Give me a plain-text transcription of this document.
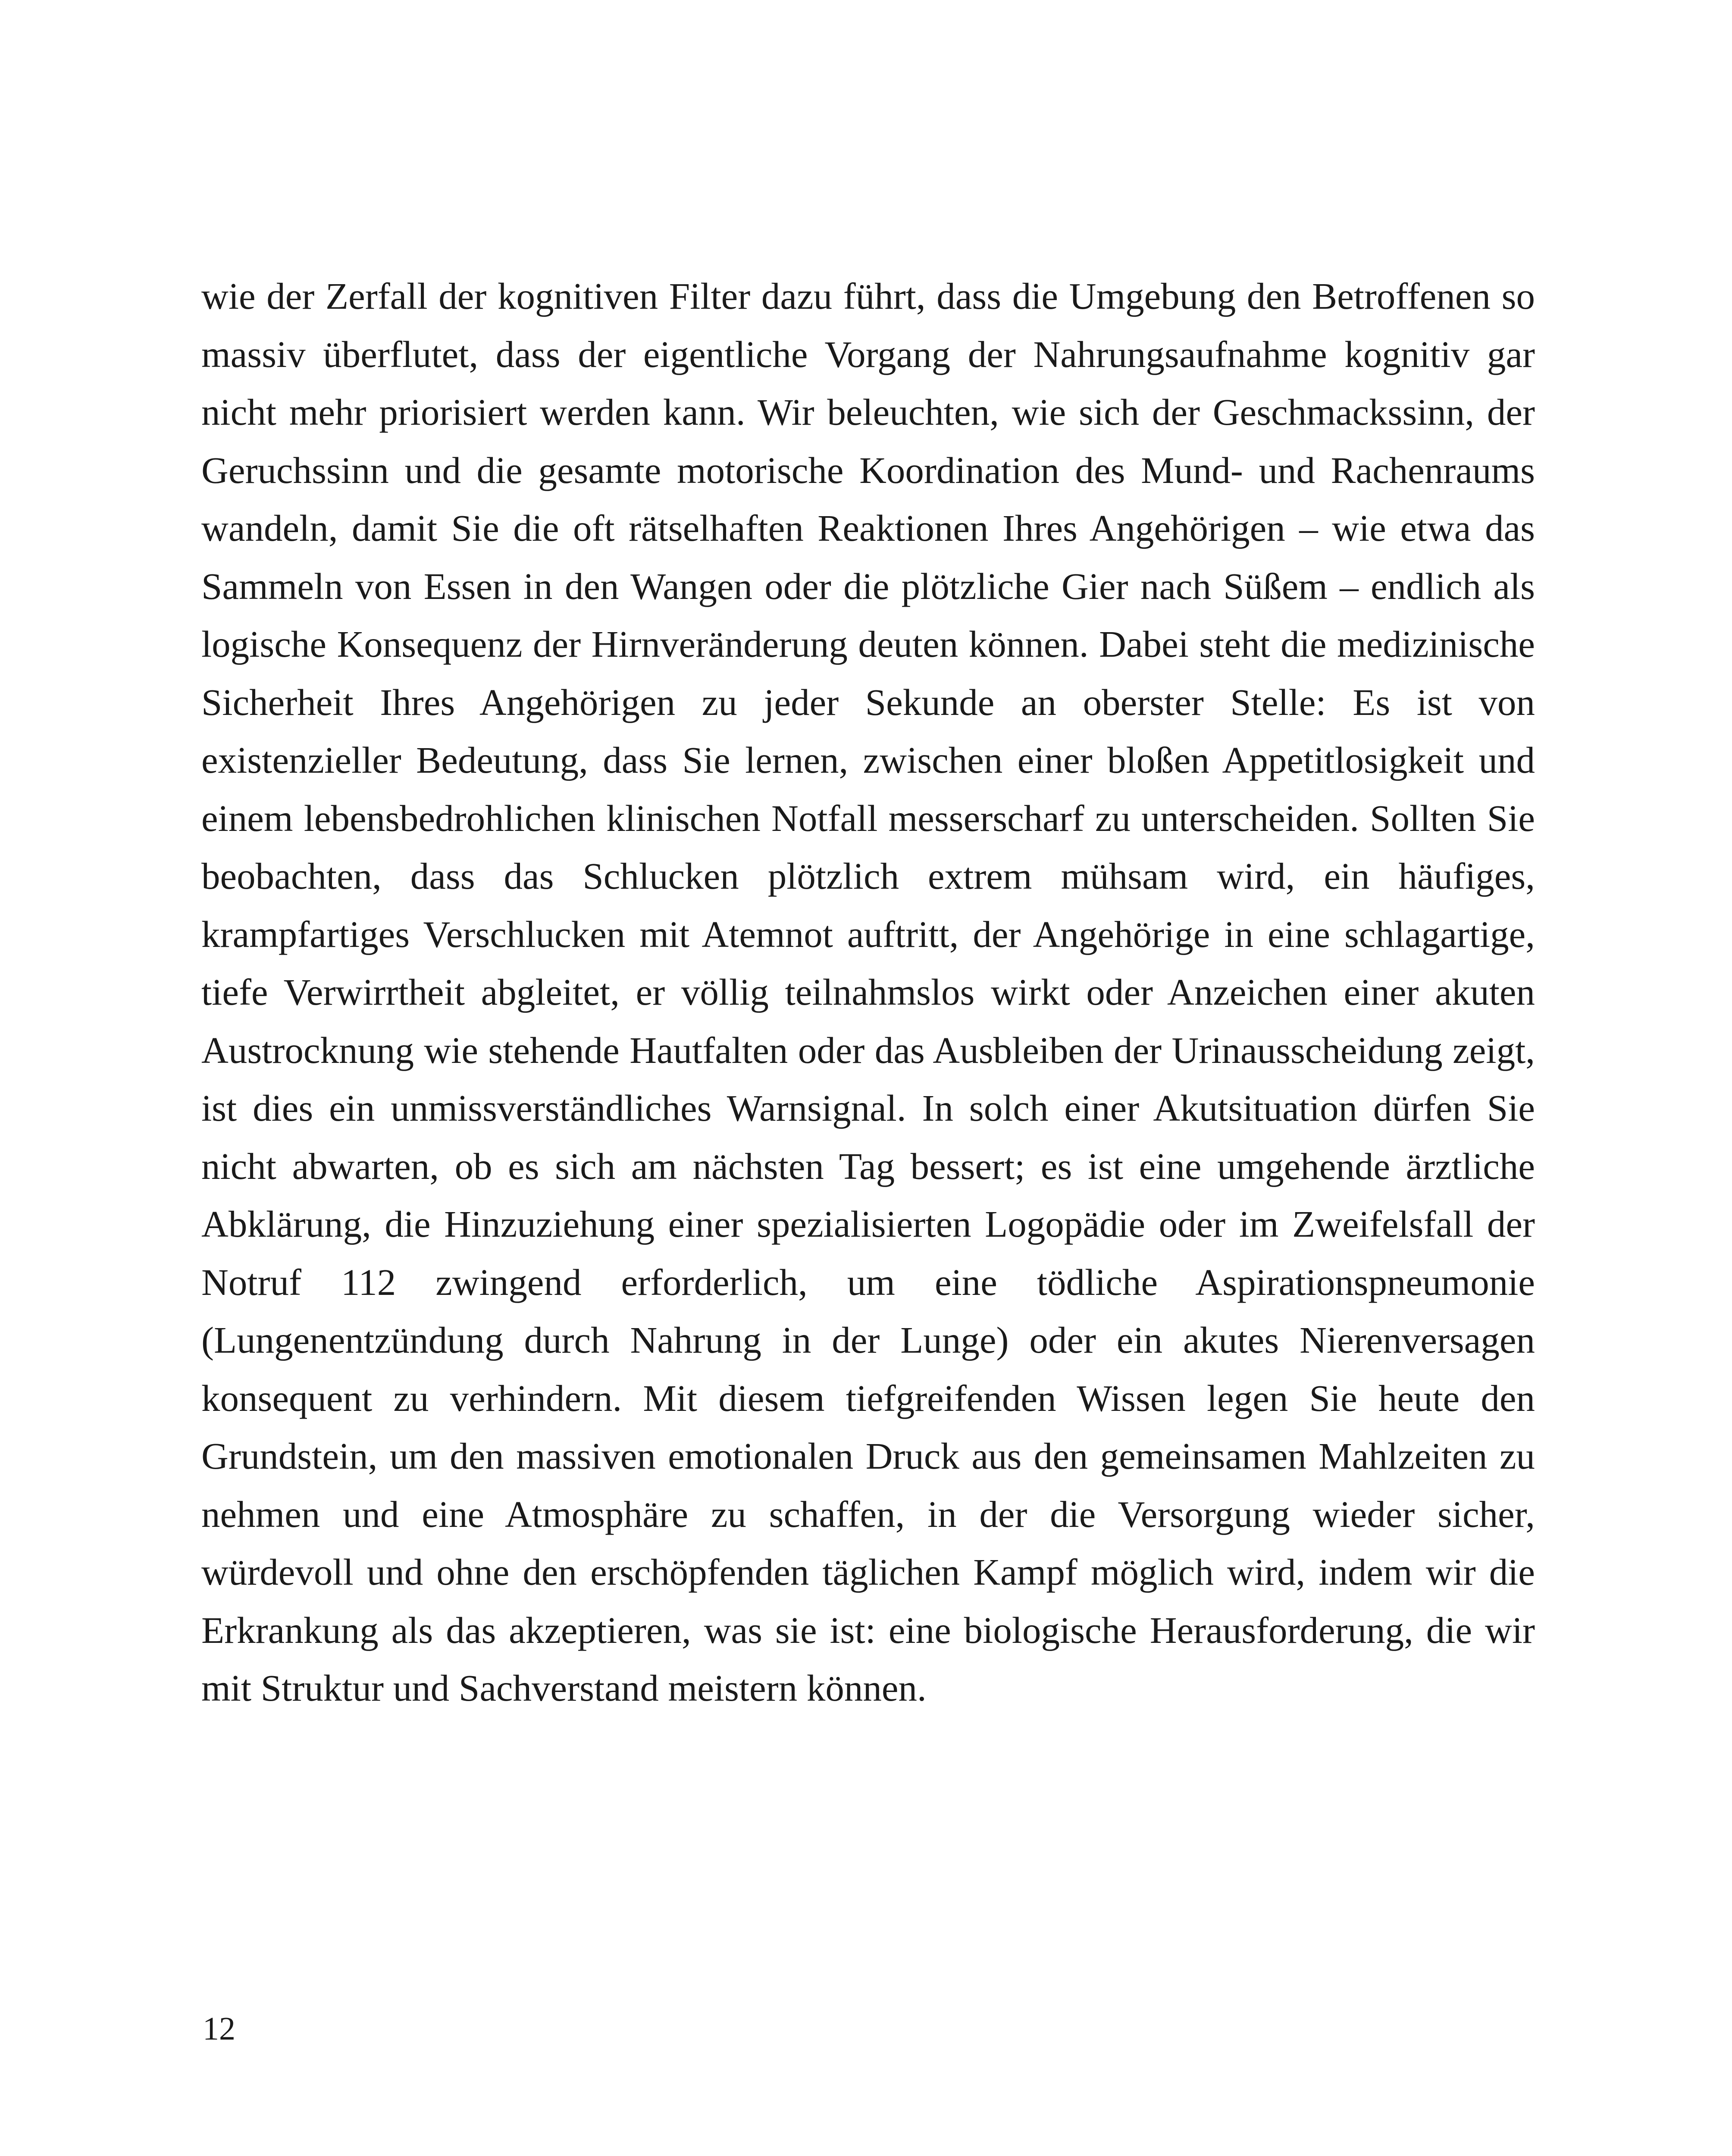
wie der Zerfall der kognitiven Filter dazu führt, dass die Umgebung den Betroffenen so massiv überflutet, dass der eigentliche Vorgang der Nahrungsaufnahme kognitiv gar nicht mehr priorisiert werden kann. Wir beleuchten, wie sich der Geschmackssinn, der Geruchssinn und die gesamte motorische Koordination des Mund- und Rachenraums wandeln, damit Sie die oft rätselhaften Reaktionen Ihres Angehörigen – wie etwa das Sammeln von Essen in den Wangen oder die plötzliche Gier nach Süßem – endlich als logische Konsequenz der Hirnveränderung deuten können. Dabei steht die medizinische Sicherheit Ihres Angehörigen zu jeder Sekunde an oberster Stelle: Es ist von existenzieller Bedeutung, dass Sie lernen, zwischen einer bloßen Appetitlosigkeit und einem lebensbedrohlichen klinischen Notfall messerscharf zu unterscheiden. Sollten Sie beobachten, dass das Schlucken plötzlich extrem mühsam wird, ein häufiges, krampfartiges Verschlucken mit Atemnot auftritt, der Angehörige in eine schlagartige, tiefe Verwirrtheit abgleitet, er völlig teilnahmslos wirkt oder Anzeichen einer akuten Austrocknung wie stehende Hautfalten oder das Ausbleiben der Urinausscheidung zeigt, ist dies ein unmissverständliches Warnsignal. In solch einer Akutsituation dürfen Sie nicht abwarten, ob es sich am nächsten Tag bessert; es ist eine umgehende ärztliche Abklärung, die Hinzuziehung einer spezialisierten Logopädie oder im Zweifelsfall der Notruf 112 zwingend erforderlich, um eine tödliche Aspirationspneumonie (Lungenentzündung durch Nahrung in der Lunge) oder ein akutes Nierenversagen konsequent zu verhindern. Mit diesem tiefgreifenden Wissen legen Sie heute den Grundstein, um den massiven emotionalen Druck aus den gemeinsamen Mahlzeiten zu nehmen und eine Atmosphäre zu schaffen, in der die Versorgung wieder sicher, würdevoll und ohne den erschöpfenden täglichen Kampf möglich wird, indem wir die Erkrankung als das akzeptieren, was sie ist: eine biologische Herausforderung, die wir mit Struktur und Sachverstand meistern können.

12
